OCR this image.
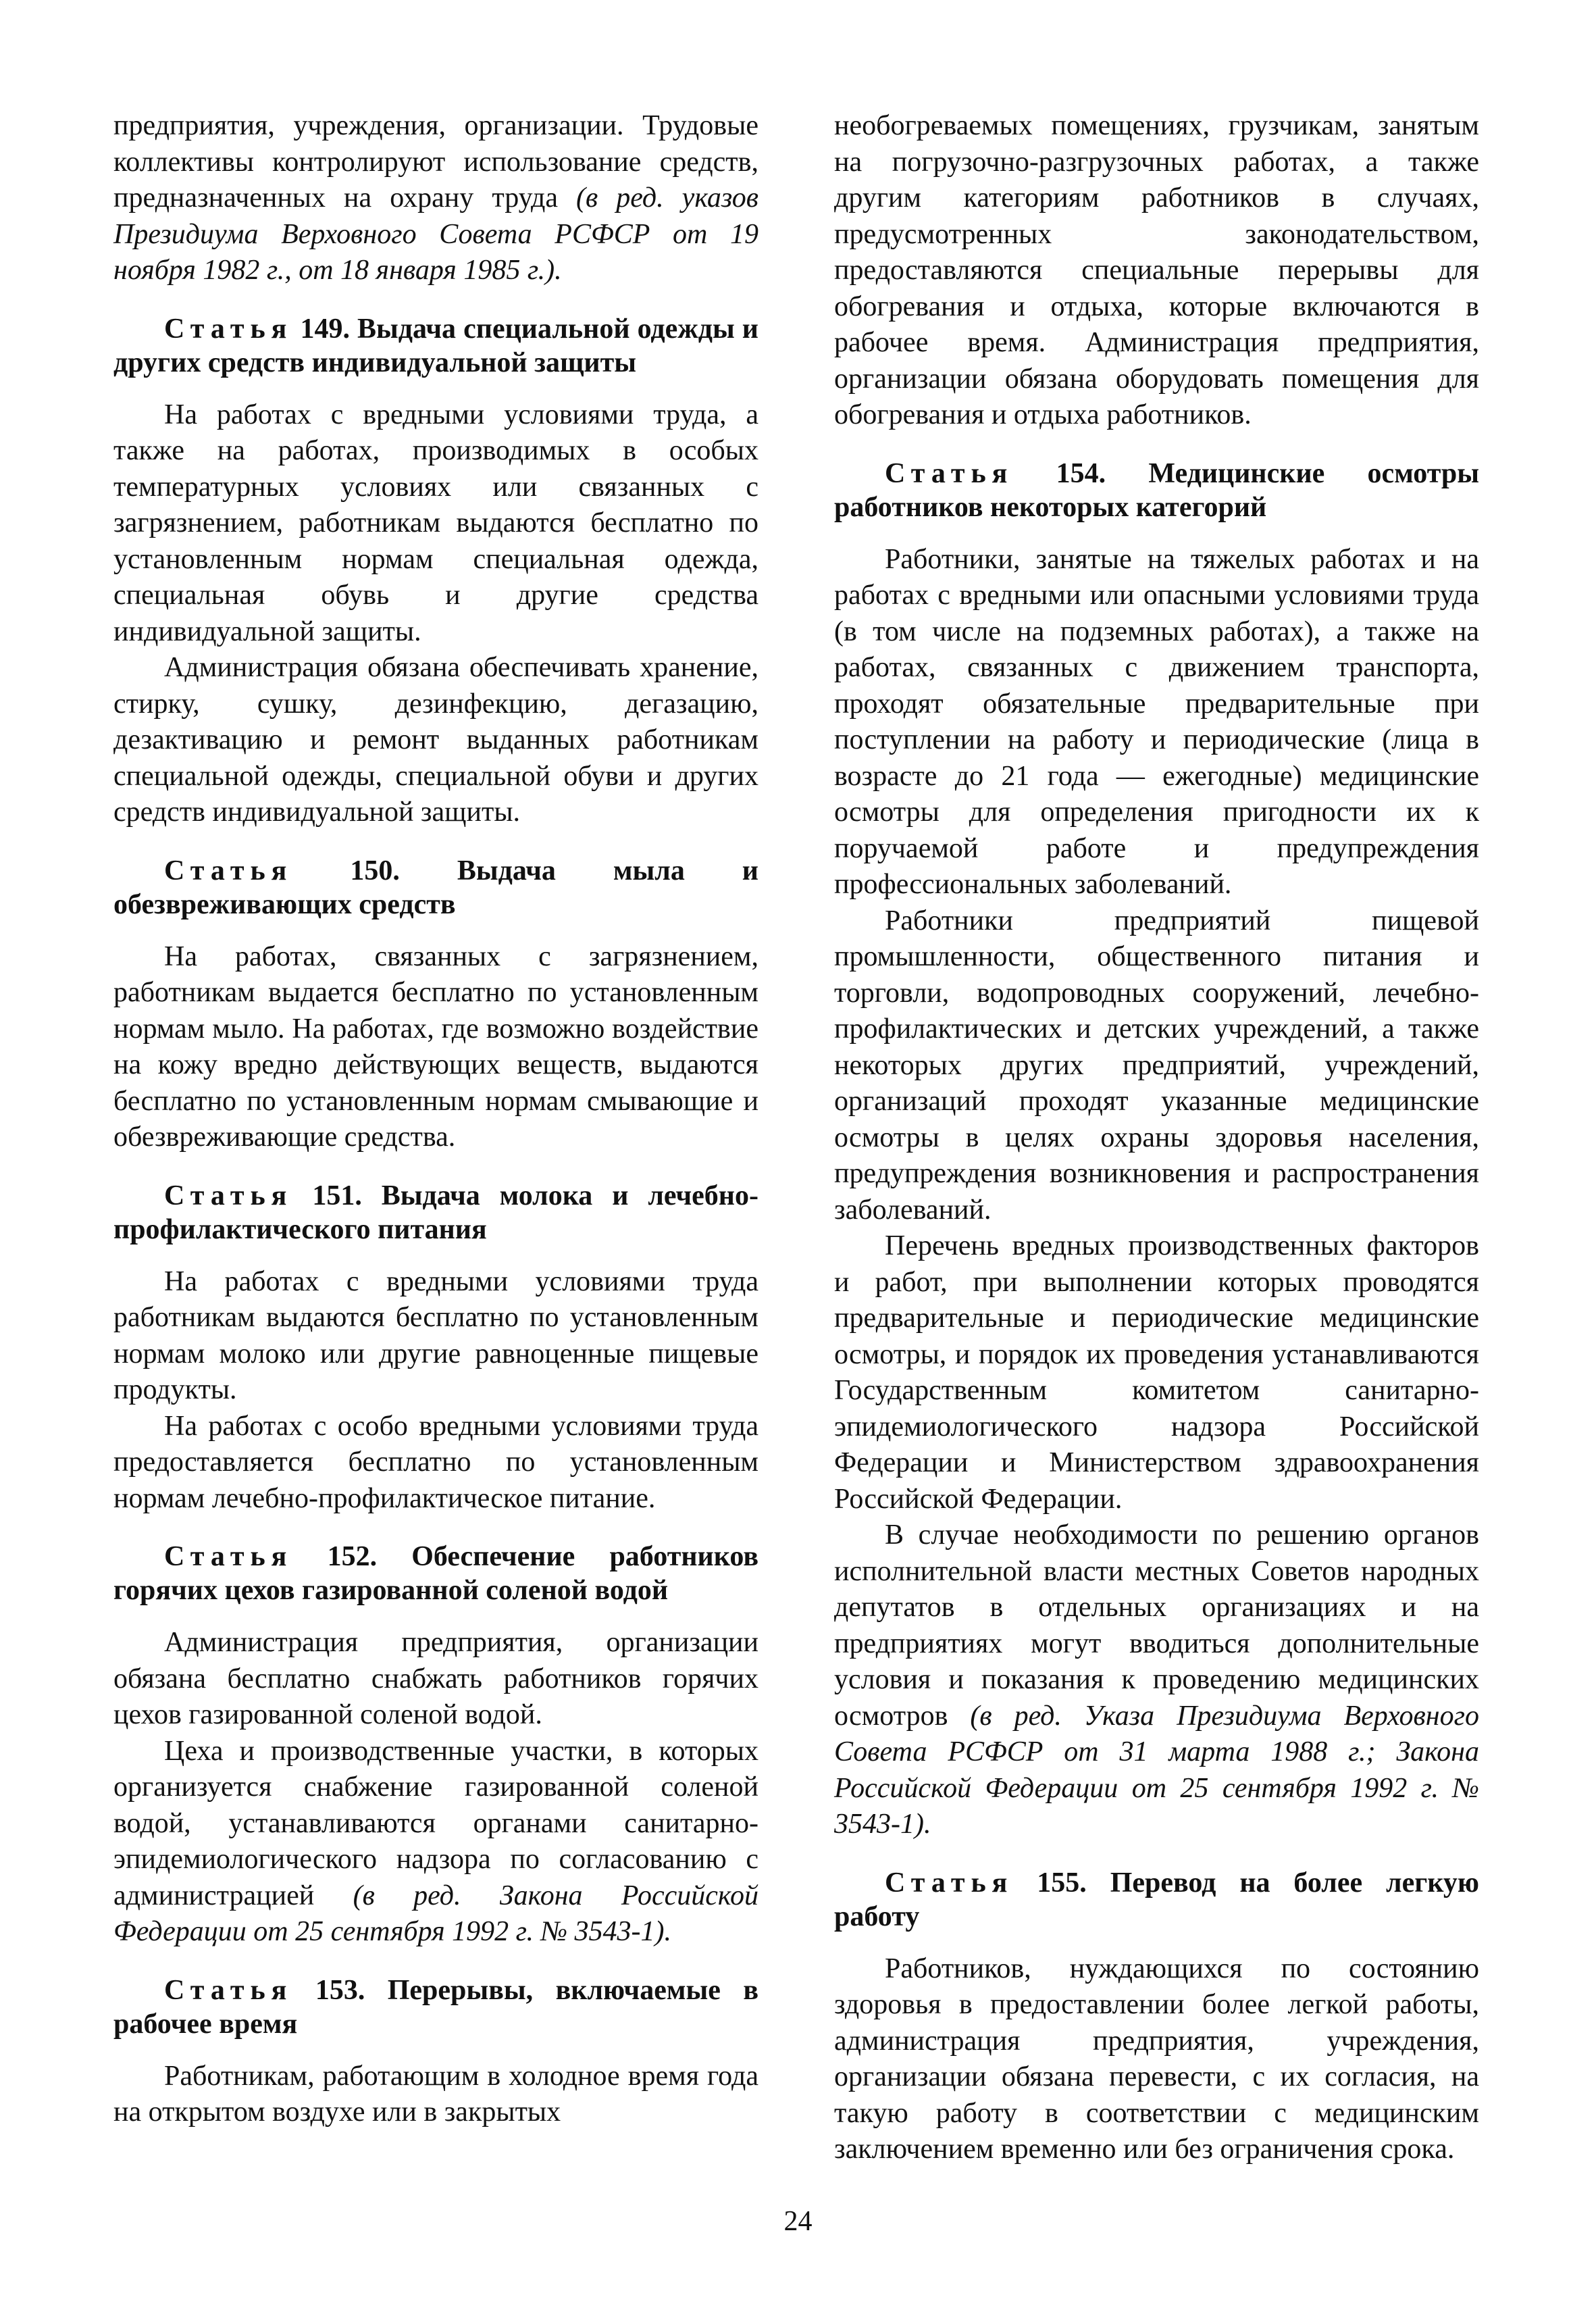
предприятия, учреждения, организации. Трудовые коллективы контролируют использование средств, предназначенных на охрану труда (в ред. указов Президиума Верховного Совета РСФСР от 19 ноября 1982 г., от 18 января 1985 г.).

Статья 149. Выдача специальной одежды и других средств индивидуальной защиты

На работах с вредными условиями труда, а также на работах, производимых в особых температурных условиях или связанных с загрязнением, работникам выдаются бесплатно по установленным нормам специальная одежда, специальная обувь и другие средства индивидуальной защиты.

Администрация обязана обеспечивать хранение, стирку, сушку, дезинфекцию, дегазацию, дезактивацию и ремонт выданных работникам специальной одежды, специальной обуви и других средств индивидуальной защиты.

Статья 150. Выдача мыла и обезвреживающих средств

На работах, связанных с загрязнением, работникам выдается бесплатно по установленным нормам мыло. На работах, где возможно воздействие на кожу вредно действующих веществ, выдаются бесплатно по установленным нормам смывающие и обезвреживающие средства.

Статья 151. Выдача молока и лечебно-профилактического питания

На работах с вредными условиями труда работникам выдаются бесплатно по установленным нормам молоко или другие равноценные пищевые продукты.

На работах с особо вредными условиями труда предоставляется бесплатно по установленным нормам лечебно-профилактическое питание.

Статья 152. Обеспечение работников горячих цехов газированной соленой водой

Администрация предприятия, организации обязана бесплатно снабжать работников горячих цехов газированной соленой водой.

Цеха и производственные участки, в которых организуется снабжение газированной соленой водой, устанавливаются органами санитарно-эпидемиологического надзора по согласованию с администрацией (в ред. Закона Российской Федерации от 25 сентября 1992 г. № 3543-1).

Статья 153. Перерывы, включаемые в рабочее время

Работникам, работающим в холодное время года на открытом воздухе или в закрытых

необогреваемых помещениях, грузчикам, занятым на погрузочно-разгрузочных работах, а также другим категориям работников в случаях, предусмотренных законодательством, предоставляются специальные перерывы для обогревания и отдыха, которые включаются в рабочее время. Администрация предприятия, организации обязана оборудовать помещения для обогревания и отдыха работников.

Статья 154. Медицинские осмотры работников некоторых категорий

Работники, занятые на тяжелых работах и на работах с вредными или опасными условиями труда (в том числе на подземных работах), а также на работах, связанных с движением транспорта, проходят обязательные предварительные при поступлении на работу и периодические (лица в возрасте до 21 года — ежегодные) медицинские осмотры для определения пригодности их к поручаемой работе и предупреждения профессиональных заболеваний.

Работники предприятий пищевой промышленности, общественного питания и торговли, водопроводных сооружений, лечебно-профилактических и детских учреждений, а также некоторых других предприятий, учреждений, организаций проходят указанные медицинские осмотры в целях охраны здоровья населения, предупреждения возникновения и распространения заболеваний.

Перечень вредных производственных факторов и работ, при выполнении которых проводятся предварительные и периодические медицинские осмотры, и порядок их проведения устанавливаются Государственным комитетом санитарно-эпидемиологического надзора Российской Федерации и Министерством здравоохранения Российской Федерации.

В случае необходимости по решению органов исполнительной власти местных Советов народных депутатов в отдельных организациях и на предприятиях могут вводиться дополнительные условия и показания к проведению медицинских осмотров (в ред. Указа Президиума Верховного Совета РСФСР от 31 марта 1988 г.; Закона Российской Федерации от 25 сентября 1992 г. № 3543-1).

Статья 155. Перевод на более легкую работу

Работников, нуждающихся по состоянию здоровья в предоставлении более легкой работы, администрация предприятия, учреждения, организации обязана перевести, с их согласия, на такую работу в соответствии с медицинским заключением временно или без ограничения срока.

24
